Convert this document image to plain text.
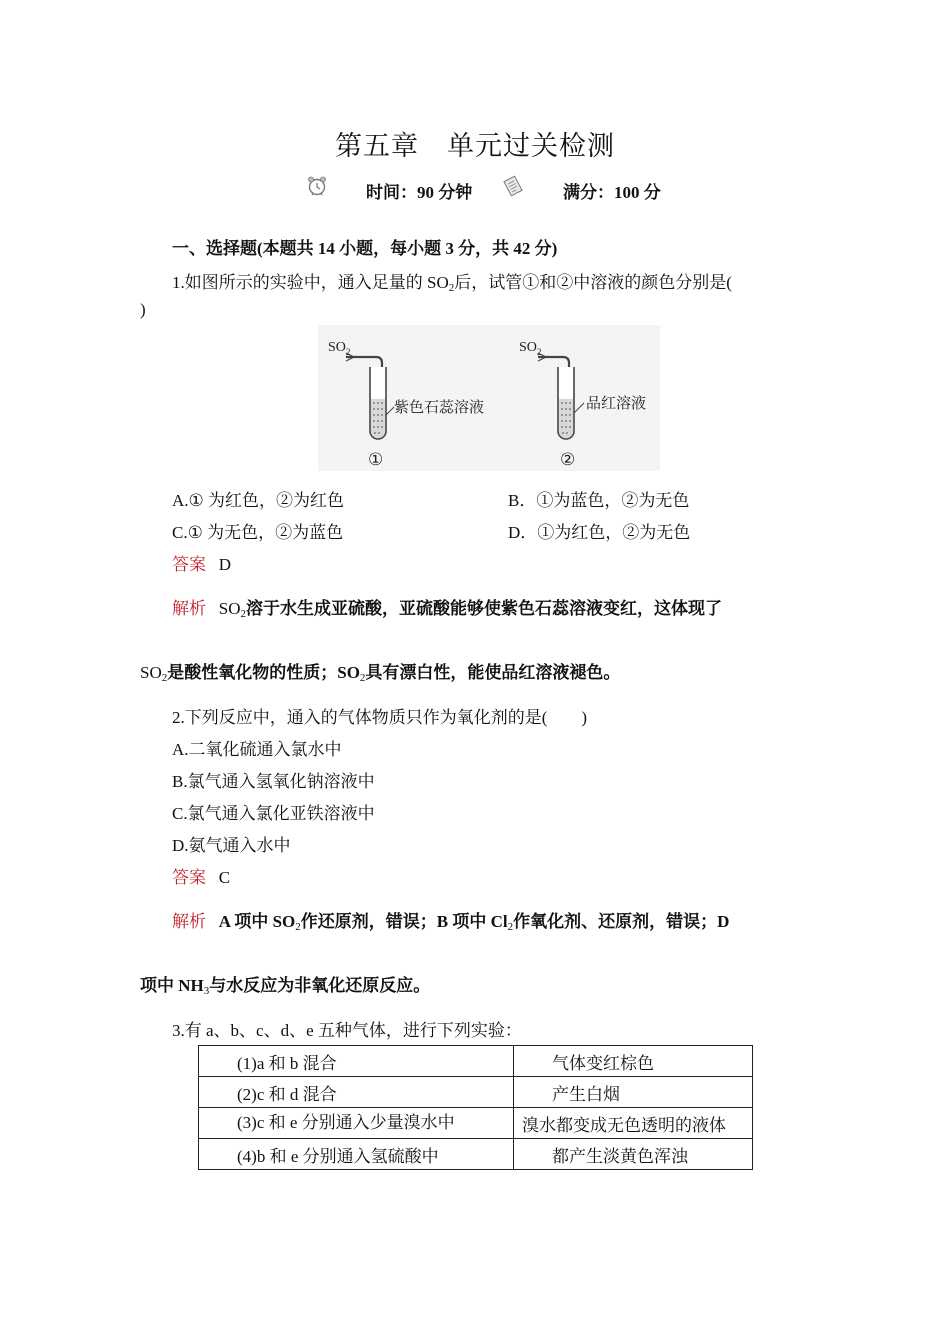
第五章　单元过关检测
时间：90 分钟	满分：100 分
一、选择题(本题共 14 小题，每小题 3 分，共 42 分)
1.如图所示的实验中，通入足量的 $SO_2$后，试管①和②中溶液的颜色分别是(
)
$SO_2$
紫色石蕊溶液
①
$SO_2$
品红溶液
②
A.① 为红色，②为红色	B．①为蓝色，②为无色
C.① 为无色，②为蓝色	D．①为红色，②为无色
答案 D
解析 $SO_2$溶于水生成亚硫酸，亚硫酸能够使紫色石蕊溶液变红，这体现了
$SO_2$是酸性氧化物的性质；$SO_2$具有漂白性，能使品红溶液褪色。
2.下列反应中，通入的气体物质只作为氧化剂的是(　　)
A.二氧化硫通入氯水中
B.氯气通入氢氧化钠溶液中
C.氯气通入氯化亚铁溶液中
D.氨气通入水中
答案 C
解析 A 项中 $SO_2$作还原剂，错误；B 项中 $Cl_2$作氧化剂、还原剂，错误；D
项中 $NH_3$与水反应为非氧化还原反应。
3.有 a、b、c、d、e 五种气体，进行下列实验：
(1)a 和 b 混合	气体变红棕色
(2)c 和 d 混合	产生白烟
(3)c 和 e 分别通入少量溴水中	溴水都变成无色透明的液体
(4)b 和 e 分别通入氢硫酸中	都产生淡黄色浑浊
